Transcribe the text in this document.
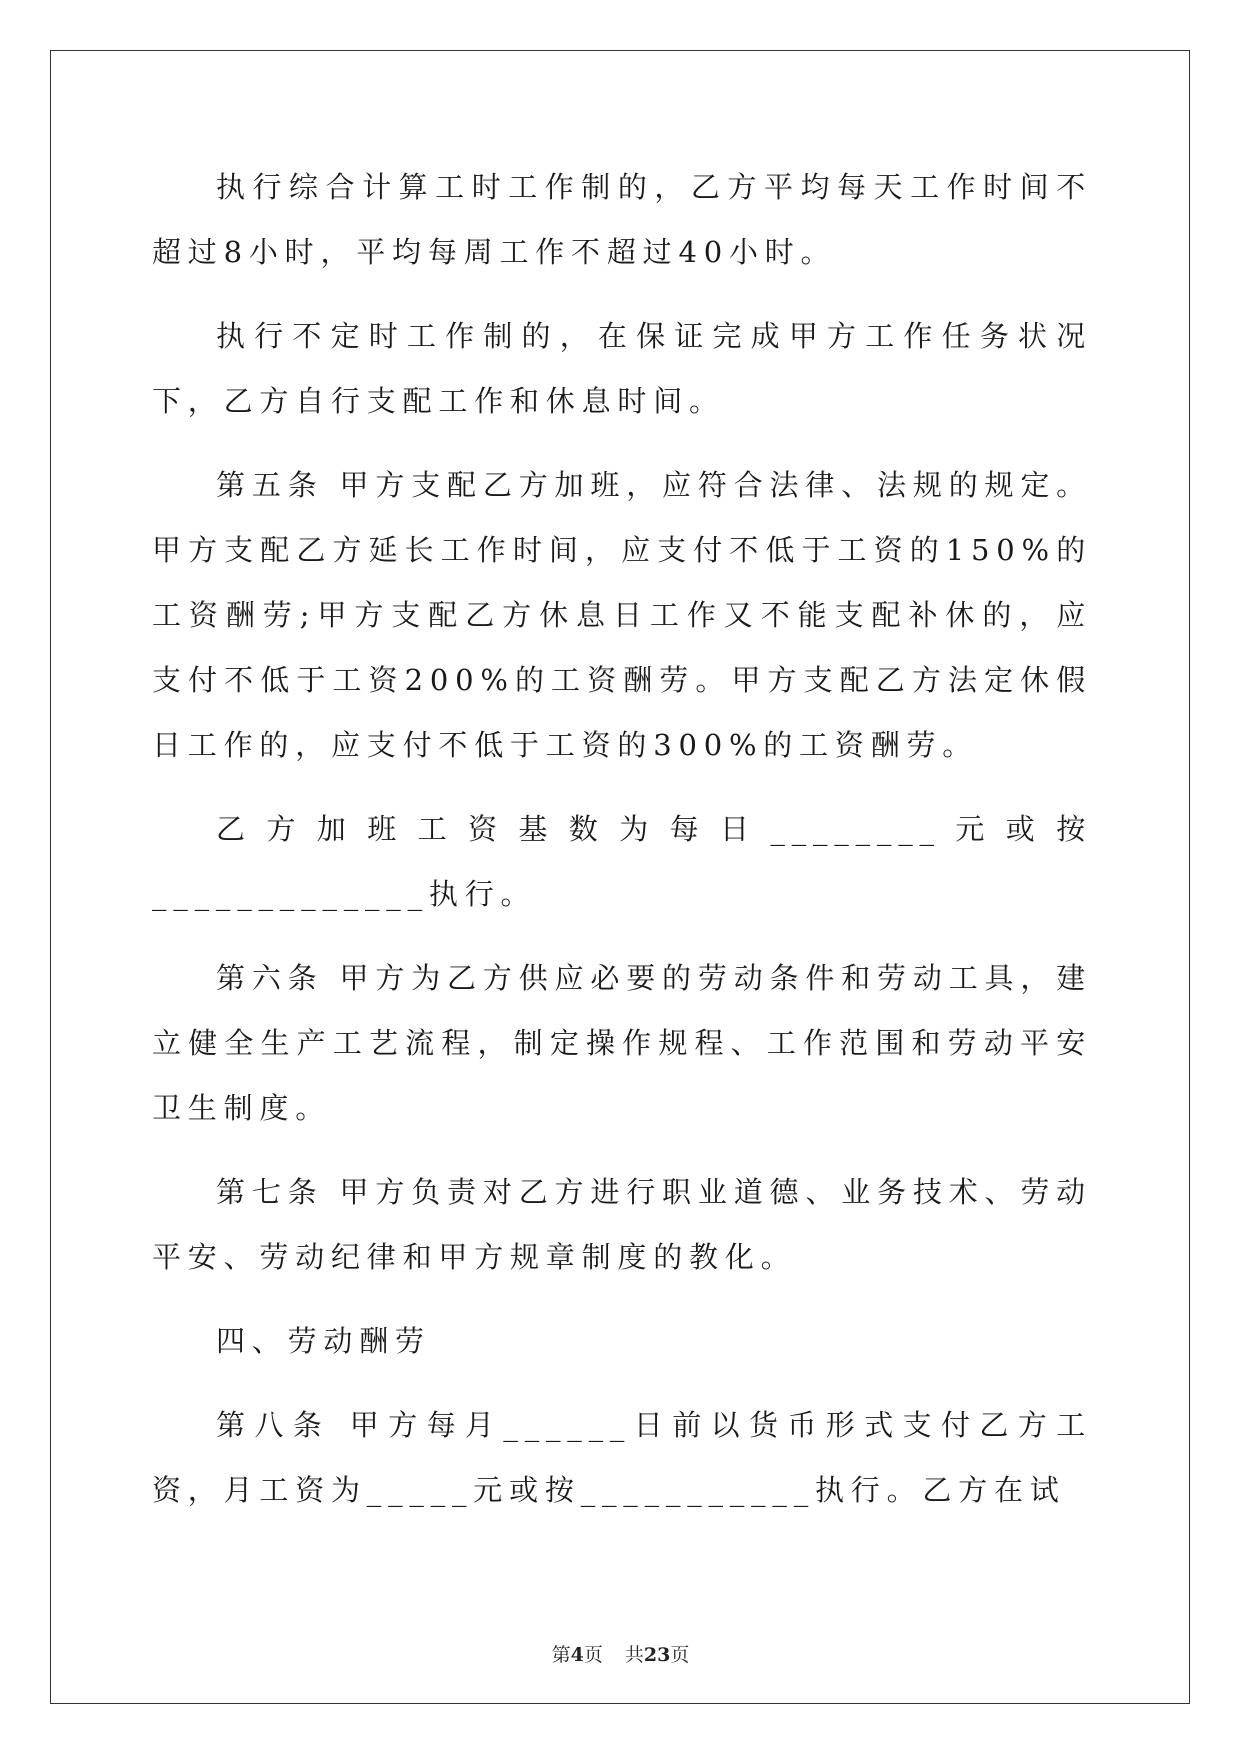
执行综合计算工时工作制的，乙方平均每天工作时间不超过8小时，平均每周工作不超过40小时。

执行不定时工作制的，在保证完成甲方工作任务状况下，乙方自行支配工作和休息时间。

第五条 甲方支配乙方加班，应符合法律、法规的规定。甲方支配乙方延长工作时间，应支付不低于工资的150%的工资酬劳;甲方支配乙方休息日工作又不能支配补休的，应支付不低于工资200%的工资酬劳。甲方支配乙方法定休假日工作的，应支付不低于工资的300%的工资酬劳。

乙方加班工资基数为每日________元或按_____________执行。

第六条 甲方为乙方供应必要的劳动条件和劳动工具，建立健全生产工艺流程，制定操作规程、工作范围和劳动平安卫生制度。

第七条 甲方负责对乙方进行职业道德、业务技术、劳动平安、劳动纪律和甲方规章制度的教化。

四、劳动酬劳

第八条 甲方每月______日前以货币形式支付乙方工资，月工资为_____元或按___________执行。乙方在试

第4页 共23页
